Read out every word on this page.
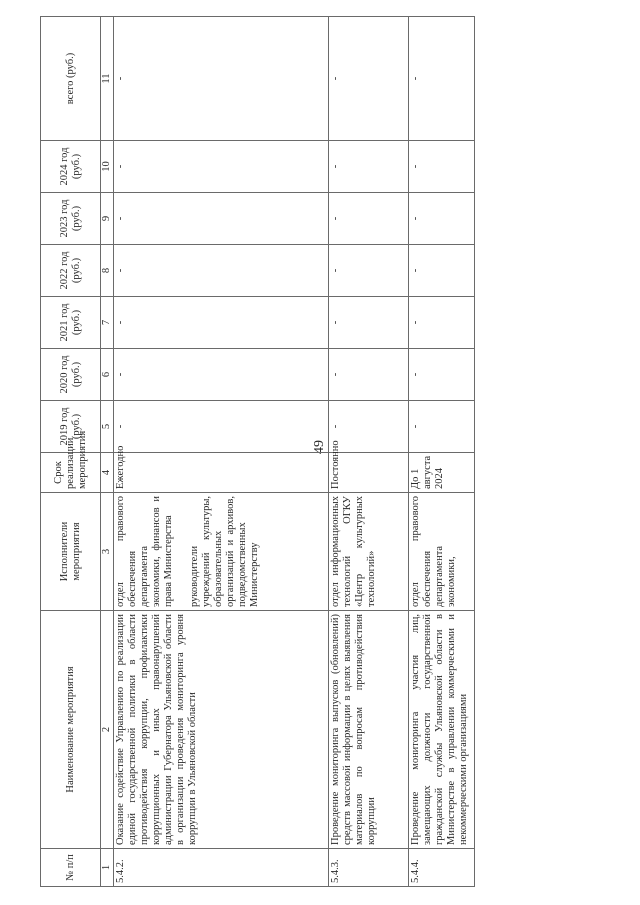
49
№ п/п	Наименование мероприятия	Исполнители мероприятия	Срок реализации мероприятия	2019 год (руб.)	2020 год (руб.)	2021 год (руб.)	2022 год (руб.)	2023 год (руб.)	2024 год (руб.)	всего (руб.)
1	2	3	4	5	6	7	8	9	10	11
5.4.2.	Оказание содействие Управлению по реализации единой государственной политики в области противодействия коррупции, профилактики коррупционных и иных правонарушений администрации Губернатора Ульяновской области в организации проведения мониторинга уровня коррупции в Ульяновской области	отдел правового обеспечения департамента экономики, финансов и права Министерства руководители учреждений культуры, образовательных организаций и архивов, подведомственных Министерству	Ежегодно	-	-	-	-	-	-	-
5.4.3.	Проведение мониторинга выпусков (обновлений) средств массовой информации в целях выявления материалов по вопросам противодействия коррупции	отдел информационных технологий ОГКУ «Центр культурных технологий»	Постоянно	-	-	-	-	-	-	-
5.4.4.	Проведение мониторинга участия лиц, замещающих должности государственной гражданской службы Ульяновской области в Министерстве в управлении коммерческими и некоммерческими организациями	отдел правового обеспечения департамента экономики,	До 1 августа 2024	-	-	-	-	-	-	-
